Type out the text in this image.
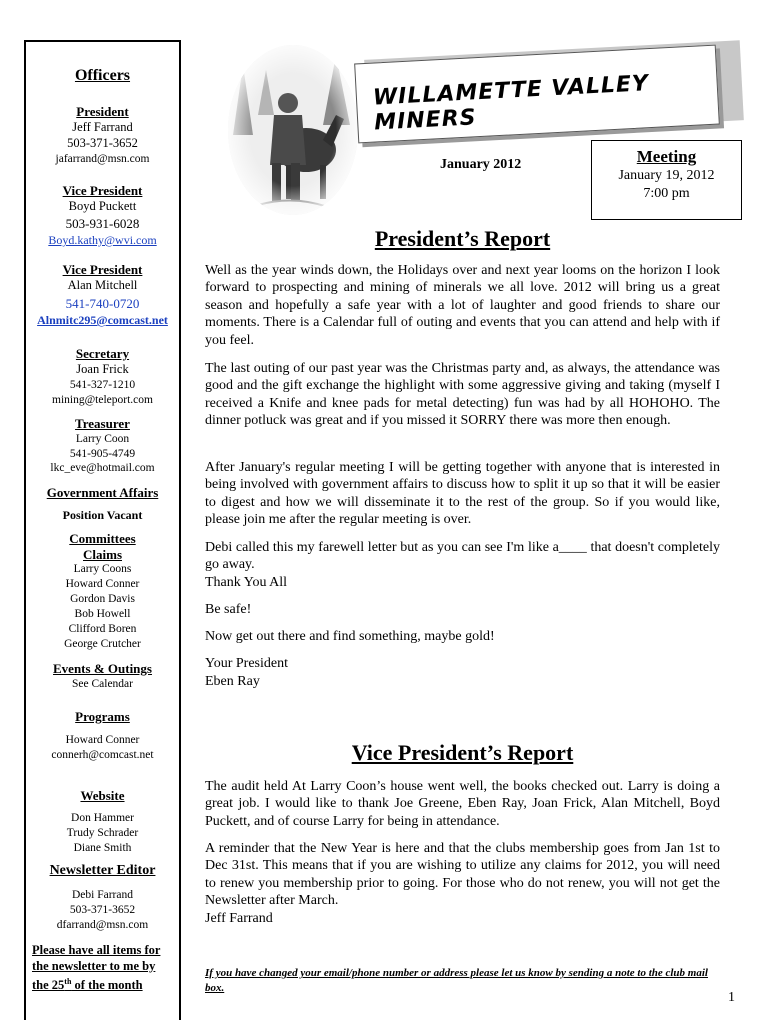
Officers
President
Jeff Farrand
503-371-3652
jafarrand@msn.com
Vice President
Boyd Puckett
503-931-6028
Boyd.kathy@wvi.com
Vice President
Alan Mitchell
541-740-0720
Alnmitc295@comcast.net
Secretary
Joan Frick
541-327-1210
mining@teleport.com
Treasurer
Larry Coon
541-905-4749
lkc_eve@hotmail.com
Government Affairs
Position Vacant
Committees
Claims
Larry Coons
Howard Conner
Gordon Davis
Bob Howell
Clifford Boren
George Crutcher
Events & Outings
See Calendar
Programs
Howard Conner
connerh@comcast.net
Website
Don Hammer
Trudy Schrader
Diane Smith
Newsletter Editor
Debi Farrand
503-371-3652
dfarrand@msn.com
Please have all items for
the newsletter to me by
the 25th of the month
WILLAMETTE VALLEY MINERS
January 2012	Meeting
January 19, 2012
7:00 pm
President’s Report

Well as the year winds down, the Holidays over and next year looms on the horizon I look forward to prospecting and mining of minerals we all love. 2012 will bring us a great season and hopefully a safe year with a lot of laughter and good friends to share our moments. There is a Calendar full of outing and events that you can attend and help with if you feel.

The last outing of our past year was the Christmas party and, as always, the attendance was good and the gift exchange the highlight with some aggressive giving and taking (myself I received a Knife and knee pads for metal detecting) fun was had by all HOHOHO. The dinner potluck was great and if you missed it SORRY there was more then enough.

After January's regular meeting I will be getting together with anyone that is interested in being involved with government affairs to discuss how to split it up so that it will be easier to digest and how we will disseminate it to the rest of the group. So if you would like, please join me after the regular meeting is over.

Debi called this my farewell letter but as you can see I'm like a____ that doesn't completely go away.

Thank You All

Be safe!

Now get out there and find something, maybe gold!

Your President

Eben Ray

Vice President’s Report

The audit held At Larry Coon’s house went well, the books checked out. Larry is doing a great job. I would like to thank Joe Greene, Eben Ray, Joan Frick, Alan Mitchell, Boyd Puckett, and of course Larry for being in attendance.

A reminder that the New Year is here and that the clubs membership goes from Jan 1st to Dec 31st. This means that if you are wishing to utilize any claims for 2012, you will need to renew you membership prior to going. For those who do not renew, you will not get the Newsletter after March.

Jeff Farrand

If you have changed your email/phone number or address please let us know by sending a note to the club mail box.
1
